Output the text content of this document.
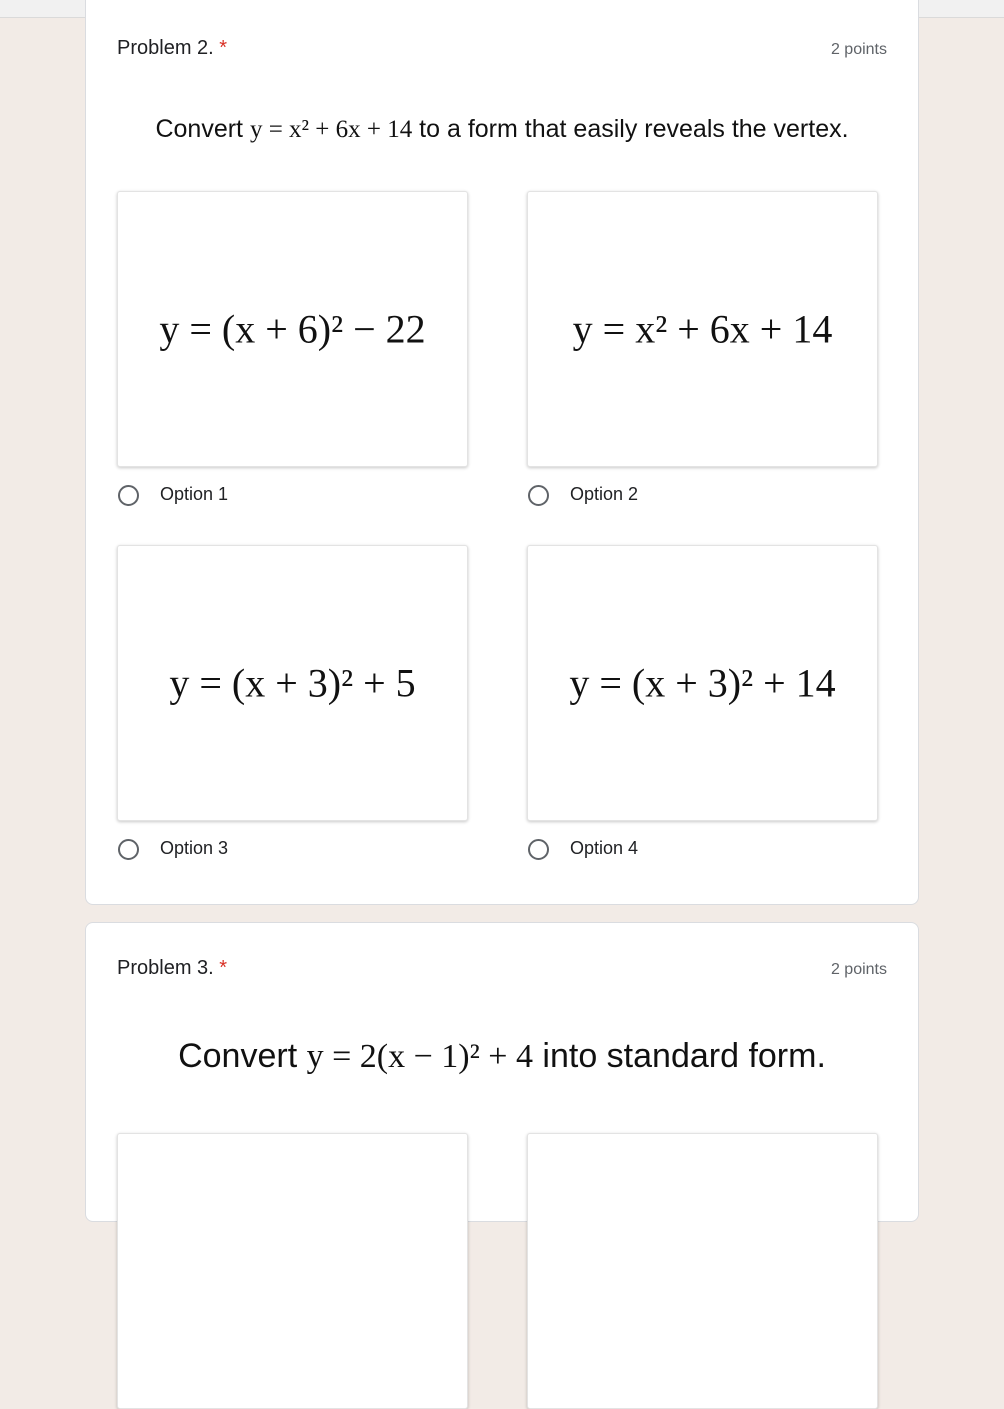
Problem 2. *	2 points
Convert y = x² + 6x + 14 to a form that easily reveals the vertex.
y = (x + 6)² − 22	y = x² + 6x + 14
Option 1	Option 2
y = (x + 3)² + 5	y = (x + 3)² + 14
Option 3	Option 4
Problem 3. *	2 points
Convert y = 2(x − 1)² + 4 into standard form.
